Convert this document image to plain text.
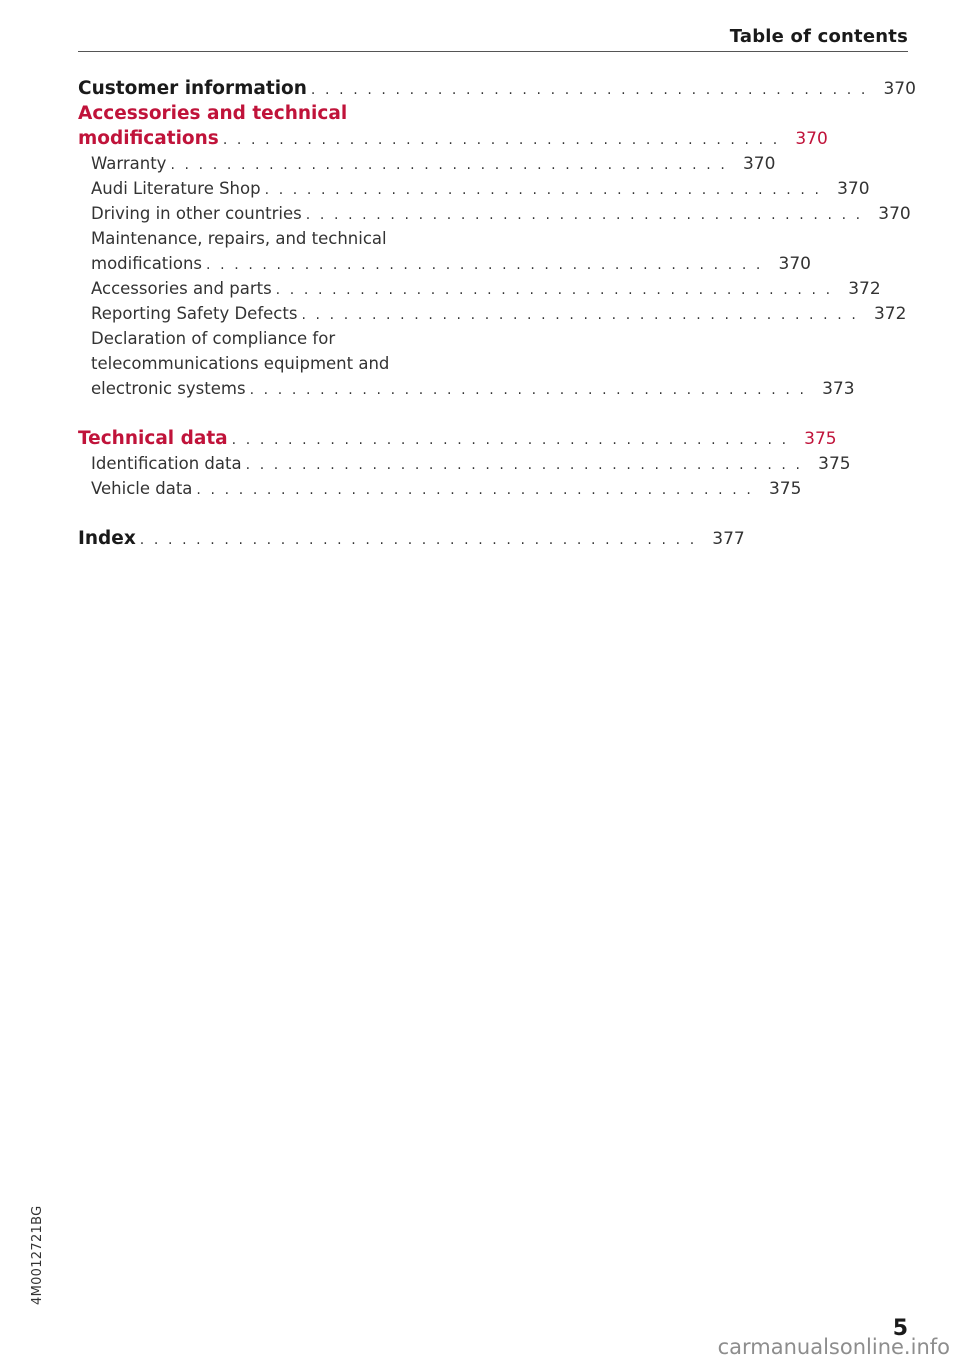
Table of contents
Customer information . . . . . . . . . . . . . . . . . . . . . . . . . . . . . . . . . . . . . . . . 370
Accessories and technical
modifications . . . . . . . . . . . . . . . . . . . . . . . . . . . . . . . . . . . . . . . . 370
Warranty . . . . . . . . . . . . . . . . . . . . . . . . . . . . . . . . . . . . . . . . 370
Audi Literature Shop . . . . . . . . . . . . . . . . . . . . . . . . . . . . . . . . . . . . . . . . 370
Driving in other countries . . . . . . . . . . . . . . . . . . . . . . . . . . . . . . . . . . . . . . . . 370
Maintenance, repairs, and technical
modifications . . . . . . . . . . . . . . . . . . . . . . . . . . . . . . . . . . . . . . . . 370
Accessories and parts . . . . . . . . . . . . . . . . . . . . . . . . . . . . . . . . . . . . . . . . 372
Reporting Safety Defects . . . . . . . . . . . . . . . . . . . . . . . . . . . . . . . . . . . . . . . . 372
Declaration of compliance for
telecommunications equipment and
electronic systems . . . . . . . . . . . . . . . . . . . . . . . . . . . . . . . . . . . . . . . . 373
Technical data . . . . . . . . . . . . . . . . . . . . . . . . . . . . . . . . . . . . . . . . 375
Identification data . . . . . . . . . . . . . . . . . . . . . . . . . . . . . . . . . . . . . . . . 375
Vehicle data . . . . . . . . . . . . . . . . . . . . . . . . . . . . . . . . . . . . . . . . 375
Index . . . . . . . . . . . . . . . . . . . . . . . . . . . . . . . . . . . . . . . . 377
4M0012721BG
5
carmanualsonline.info
